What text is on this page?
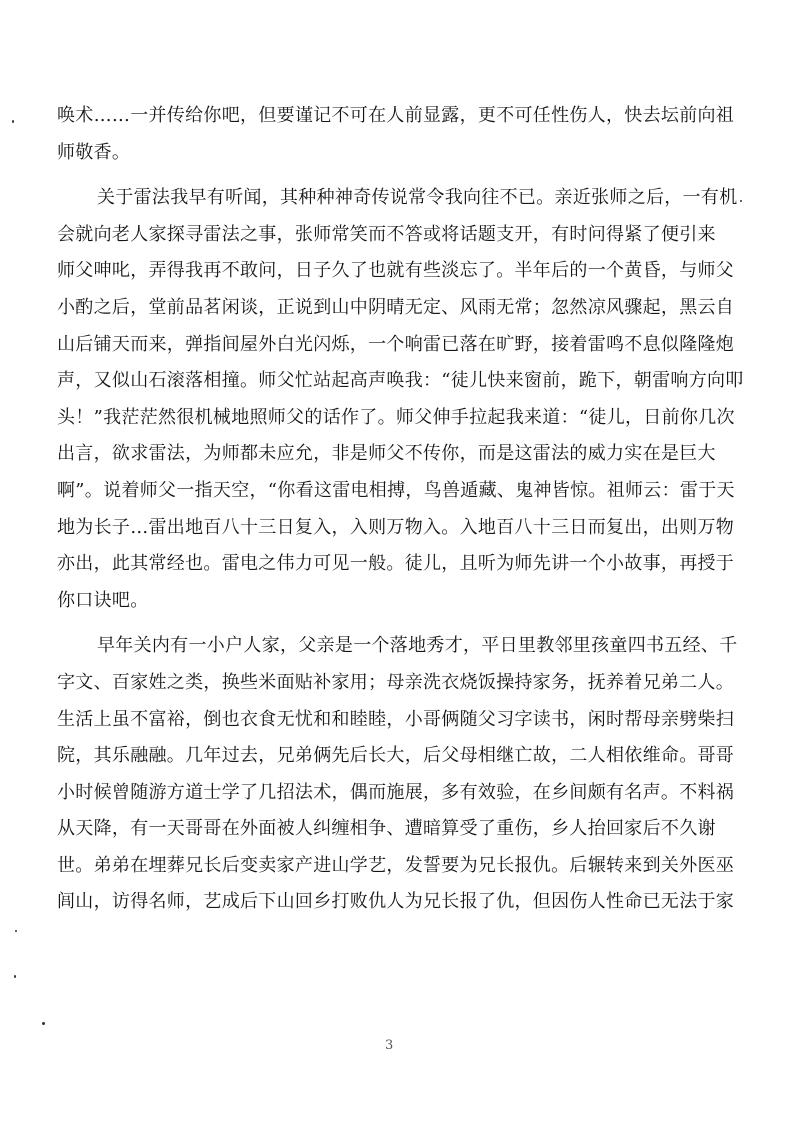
唤术……一并传给你吧，但要谨记不可在人前显露，更不可任性伤人，快去坛前向祖
师敬香。
关于雷法我早有听闻，其种种神奇传说常令我向往不已。亲近张师之后，一有机
会就向老人家探寻雷法之事，张师常笑而不答或将话题支开，有时问得紧了便引来
师父呻叱，弄得我再不敢问，日子久了也就有些淡忘了。半年后的一个黄昏，与师父
小酌之后，堂前品茗闲谈，正说到山中阴晴无定、风雨无常；忽然凉风骤起，黑云自
山后铺天而来，弹指间屋外白光闪烁，一个响雷已落在旷野，接着雷鸣不息似隆隆炮
声，又似山石滚落相撞。师父忙站起高声唤我：“徒儿快来窗前，跪下，朝雷响方向叩
头！”我茫茫然很机械地照师父的话作了。师父伸手拉起我来道：“徒儿，日前你几次
出言，欲求雷法，为师都未应允，非是师父不传你，而是这雷法的威力实在是巨大
啊”。说着师父一指天空，“你看这雷电相搏，鸟兽遁藏、鬼神皆惊。祖师云：雷于天
地为长子…雷出地百八十三日复入，入则万物入。入地百八十三日而复出，出则万物
亦出，此其常经也。雷电之伟力可见一般。徒儿，且听为师先讲一个小故事，再授于
你口诀吧。
早年关内有一小户人家，父亲是一个落地秀才，平日里教邻里孩童四书五经、千
字文、百家姓之类，换些米面贴补家用；母亲洗衣烧饭操持家务，抚养着兄弟二人。
生活上虽不富裕，倒也衣食无忧和和睦睦，小哥俩随父习字读书，闲时帮母亲劈柴扫
院，其乐融融。几年过去，兄弟俩先后长大，后父母相继亡故，二人相依维命。哥哥
小时候曾随游方道士学了几招法术，偶而施展，多有效验，在乡间颇有名声。不料祸
从天降，有一天哥哥在外面被人纠缠相争、遭暗算受了重伤，乡人抬回家后不久谢
世。弟弟在埋葬兄长后变卖家产进山学艺，发誓要为兄长报仇。后辗转来到关外医巫
闾山，访得名师，艺成后下山回乡打败仇人为兄长报了仇，但因伤人性命已无法于家
3
